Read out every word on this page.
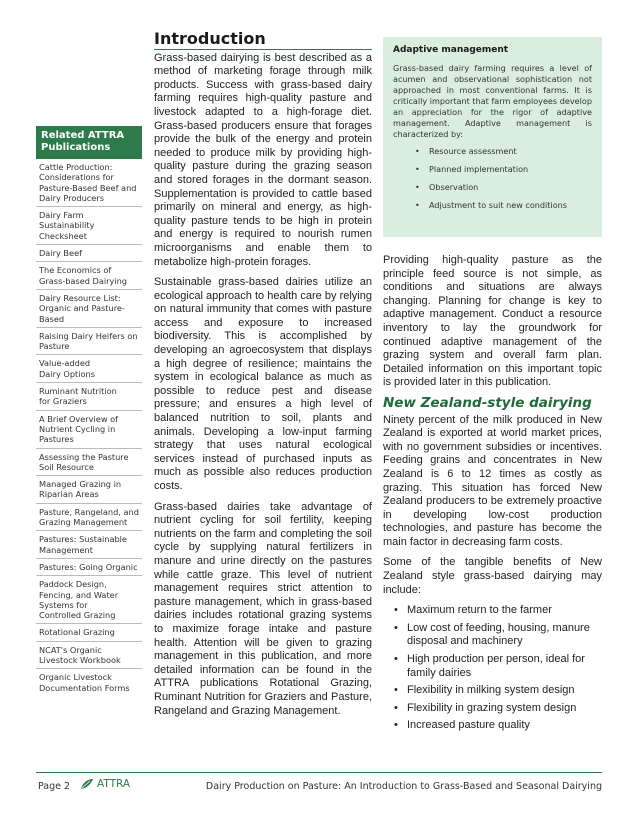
Related ATTRA Publications
Cattle Production: Considerations for Pasture-Based Beef and Dairy Producers
Dairy Farm Sustainability Checksheet
Dairy Beef
The Economics of Grass-based Dairying
Dairy Resource List: Organic and Pasture-Based
Raising Dairy Heifers on Pasture
Value-added
Dairy Options
Ruminant Nutrition
for Graziers
A Brief Overview of Nutrient Cycling in Pastures
Assessing the Pasture Soil Resource
Managed Grazing in Riparian Areas
Pasture, Rangeland, and Grazing Management
Pastures: Sustainable Management
Pastures: Going Organic
Paddock Design, Fencing, and Water Systems for
Controlled Grazing
Rotational Grazing
NCAT's Organic Livestock Workbook
Organic Livestock Documentation Forms
Introduction

Grass-based dairying is best described as a method of marketing forage through milk products. Success with grass-based dairy farming requires high-quality pasture and livestock adapted to a high-forage diet. Grass-based producers ensure that forages provide the bulk of the energy and protein needed to produce milk by providing high-quality pasture during the grazing season and stored forages in the dormant season. Supplementation is provided to cattle based primarily on mineral and energy, as high-quality pasture tends to be high in protein and energy is required to nourish rumen microorganisms and enable them to metabolize high-protein forages.

Sustainable grass-based dairies utilize an ecological approach to health care by relying on natural immunity that comes with pasture access and exposure to increased biodiversity. This is accomplished by developing an agroecosystem that displays a high degree of resilience; maintains the system in ecological balance as much as possible to reduce pest and disease pressure; and ensures a high level of balanced nutrition to soil, plants and animals. Developing a low-input farming strategy that uses natural ecological services instead of purchased inputs as much as possible also reduces production costs.

Grass-based dairies take advantage of nutrient cycling for soil fertility, keeping nutrients on the farm and completing the soil cycle by supplying natural fertilizers in manure and urine directly on the pastures while cattle graze. This level of nutrient management requires strict attention to pasture management, which in grass-based dairies includes rotational grazing systems to maximize forage intake and pasture health. Attention will be given to grazing management in this publication, and more detailed information can be found in the ATTRA publications Rotational Grazing, Ruminant Nutrition for Graziers and Pasture, Rangeland and Grazing Management.

Adaptive management
Grass-based dairy farming requires a level of acumen and observational sophistication not approached in most conventional farms. It is critically important that farm employees develop an appreciation for the rigor of adaptive management. Adaptive management is characterized by:
• Resource assessment
• Planned implementation
• Observation
• Adjustment to suit new conditions

Providing high-quality pasture as the principle feed source is not simple, as conditions and situations are always changing. Planning for change is key to adaptive management. Conduct a resource inventory to lay the groundwork for continued adaptive management of the grazing system and overall farm plan. Detailed information on this important topic is provided later in this publication.

New Zealand-style dairying

Ninety percent of the milk produced in New Zealand is exported at world market prices, with no government subsidies or incentives. Feeding grains and concentrates in New Zealand is 6 to 12 times as costly as grazing. This situation has forced New Zealand producers to be extremely proactive in developing low-cost production technologies, and pasture has become the main factor in decreasing farm costs.

Some of the tangible benefits of New Zealand style grass-based dairying may include:

• Maximum return to the farmer
• Low cost of feeding, housing, manure disposal and machinery
• High production per person, ideal for family dairies
• Flexibility in milking system design
• Flexibility in grazing system design
• Increased pasture quality
Page 2	ATTRA	Dairy Production on Pasture: An Introduction to Grass-Based and Seasonal Dairying
